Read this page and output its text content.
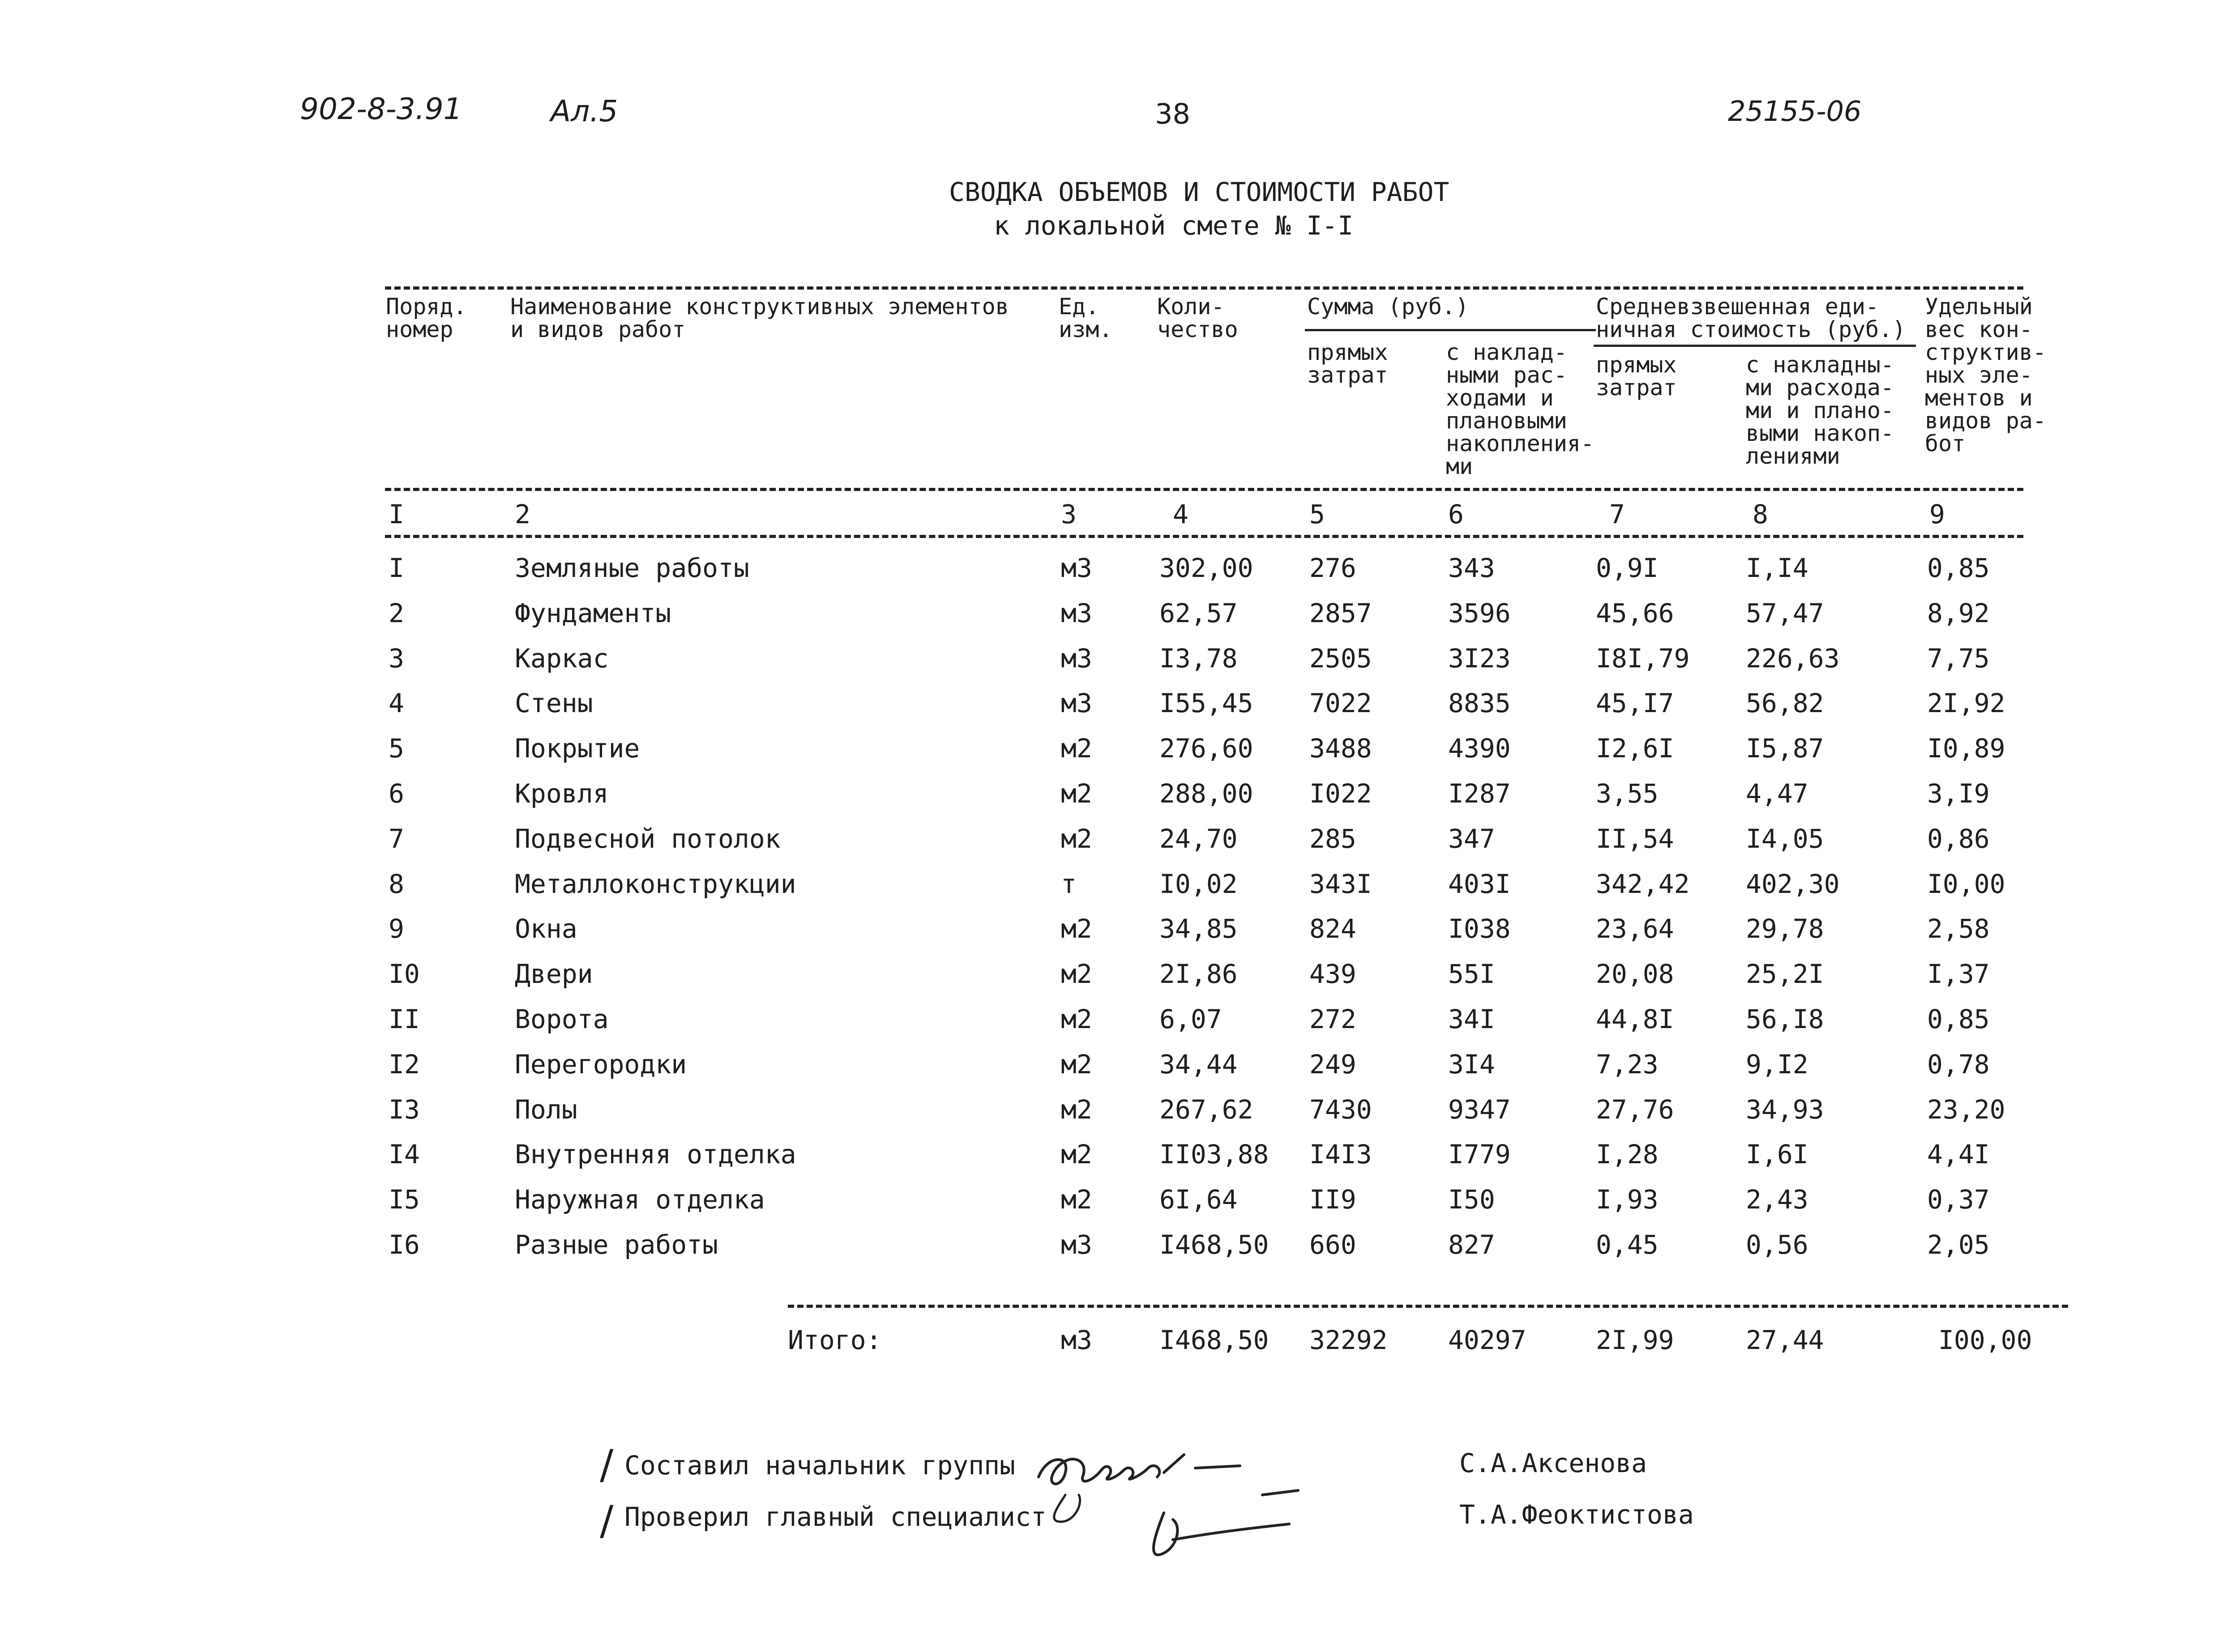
902-8-3.91	Ал.5	38	25155-06
СВОДКА ОБЪЕМОВ И СТОИМОСТИ РАБОТ
к локальной смете № I-I
Поряд.
номер
Наименование конструктивных элементов
и видов работ
Ед.
изм.
Коли-
чество
Сумма (руб.)
прямых
затрат
с наклад-
ными рас-
ходами и
плановыми
накопления-
ми
Средневзвешенная еди-
ничная стоимость (руб.)
прямых
затрат
с накладны-
ми расхода-
ми и плано-
выми накоп-
лениями
Удельный
вес кон-
структив-
ных эле-
ментов и
видов ра-
бот
I	2	3	4	5	6	7	8	9
I	Земляные работы	м3	302,00 276	343	0,9I	I,I4	0,85
2	Фундаменты	м3	62,57	2857	3596	45,66	57,47	8,92
3	Каркас	м3	I3,78	2505	3I23	I8I,79 226,63	7,75
4	Стены	м3	I55,45 7022	8835	45,I7	56,82	2I,92
5	Покрытие	м2	276,60 3488	4390	I2,6I	I5,87	I0,89
6	Кровля	м2	288,00 I022	I287	3,55	4,47	3,I9
7	Подвесной потолок	м2	24,70	285	347	II,54	I4,05	0,86
8	Металлоконструкции	т	I0,02	343I	403I	342,42 402,30	I0,00
9	Окна	м2	34,85	824	I038	23,64	29,78	2,58
I0	Двери	м2	2I,86	439	55I	20,08	25,2I	I,37
II	Ворота	м2	6,07	272	34I	44,8I	56,I8	0,85
I2	Перегородки	м2	34,44	249	3I4	7,23	9,I2	0,78
I3	Полы	м2	267,62 7430	9347	27,76	34,93	23,20
I4	Внутренняя отделка	м2	II03,88 I4I3	I779	I,28	I,6I	4,4I
I5	Наружная отделка	м2	6I,64	II9	I50	I,93	2,43	0,37
I6	Разные работы	м3	I468,50 660	827	0,45	0,56	2,05
Итого:	м3	I468,50 32292 40297	2I,99	27,44	I00,00
/ Составил начальник группы	С.А.Аксенова
/ Проверил главный специалист	Т.А.Феоктистова
